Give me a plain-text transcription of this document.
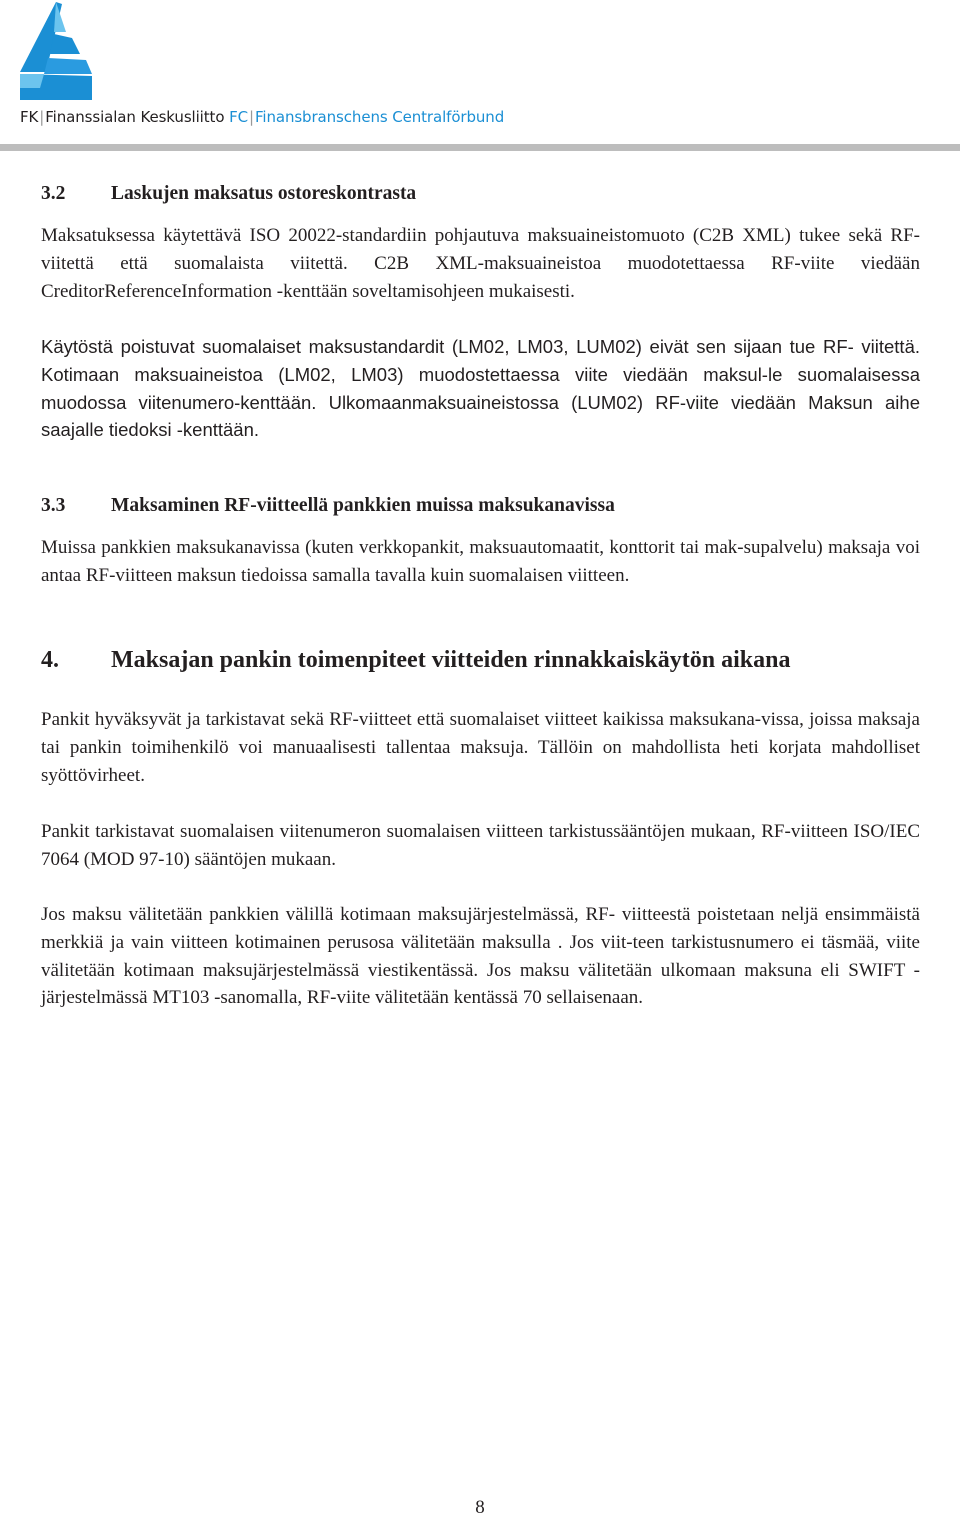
FK|Finanssialan Keskusliitto FC|Finansbranschens Centralförbund
3.2 Laskujen maksatus ostoreskontrasta
Maksatuksessa käytettävä ISO 20022-standardiin pohjautuva maksuaineistomuoto (C2B XML) tukee sekä RF- viitettä että suomalaista viitettä. C2B XML-maksuaineistoa muodotettaessa RF-viite viedään CreditorReferenceInformation -kenttään soveltamisohjeen mukaisesti.
Käytöstä poistuvat suomalaiset maksustandardit (LM02, LM03, LUM02) eivät sen sijaan tue RF- viitettä. Kotimaan maksuaineistoa (LM02, LM03) muodostettaessa viite viedään maksul-le suomalaisessa muodossa viitenumero-kenttään. Ulkomaanmaksuaineistossa (LUM02) RF-viite viedään Maksun aihe saajalle tiedoksi -kenttään.
3.3 Maksaminen RF-viitteellä pankkien muissa maksukanavissa
Muissa pankkien maksukanavissa (kuten verkkopankit, maksuautomaatit, konttorit tai mak-supalvelu) maksaja voi antaa RF-viitteen maksun tiedoissa samalla tavalla kuin suomalaisen viitteen.
4. Maksajan pankin toimenpiteet viitteiden rinnakkaiskäytön aikana
Pankit hyväksyvät ja tarkistavat sekä RF-viitteet että suomalaiset viitteet kaikissa maksukana-vissa, joissa maksaja tai pankin toimihenkilö voi manuaalisesti tallentaa maksuja. Tällöin on mahdollista heti korjata mahdolliset syöttövirheet.
Pankit tarkistavat suomalaisen viitenumeron suomalaisen viitteen tarkistussääntöjen mukaan, RF-viitteen ISO/IEC 7064 (MOD 97-10) sääntöjen mukaan.
Jos maksu välitetään pankkien välillä kotimaan maksujärjestelmässä, RF- viitteestä poistetaan neljä ensimmäistä merkkiä ja vain viitteen kotimainen perusosa välitetään maksulla . Jos viit-teen tarkistusnumero ei täsmää, viite välitetään kotimaan maksujärjestelmässä viestikentässä. Jos maksu välitetään ulkomaan maksuna eli SWIFT -järjestelmässä MT103 -sanomalla, RF-viite välitetään kentässä 70 sellaisenaan.
8
